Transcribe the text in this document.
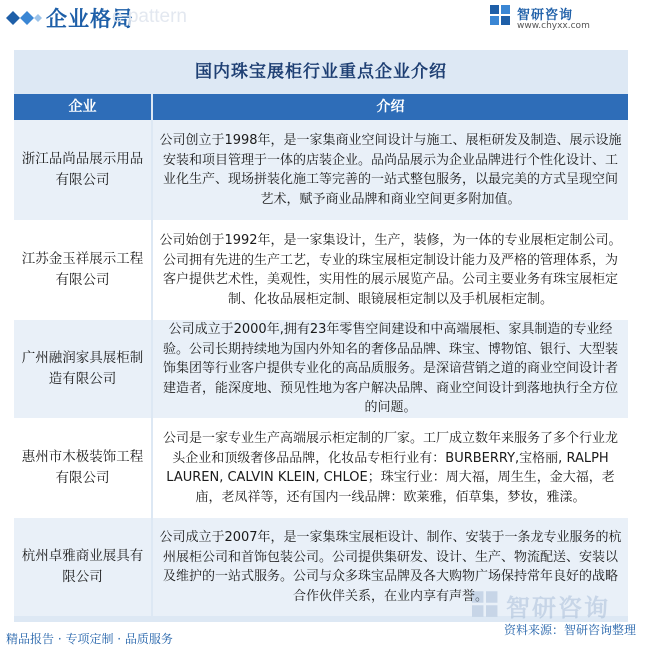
企业格局
e pattern	智研咨询
www.chyxx.com
国内珠宝展柜行业重点企业介绍
企业	介绍
浙江品尚品展示用品有限公司
公司创立于1998年，是一家集商业空间设计与施工、展柜研发及制造、展示设施安装和项目管理于一体的店装企业。品尚品展示为企业品牌进行个性化设计、工业化生产、现场拼装化施工等完善的一站式整包服务，以最完美的方式呈现空间艺术，赋予商业品牌和商业空间更多附加值。
江苏金玉祥展示工程有限公司
公司始创于1992年，是一家集设计，生产，装修，为一体的专业展柜定制公司。公司拥有先进的生产工艺，专业的珠宝展柜定制设计能力及严格的管理体系，为客户提供艺术性，美观性，实用性的展示展览产品。公司主要业务有珠宝展柜定制、化妆品展柜定制、眼镜展柜定制以及手机展柜定制。
广州融润家具展柜制造有限公司
公司成立于2000年,拥有23年零售空间建设和中高端展柜、家具制造的专业经验。公司长期持续地为国内外知名的奢侈品品牌、珠宝、博物馆、银行、大型装饰集团等行业客户提供专业化的高品质服务。是深谙营销之道的商业空间设计者建造者，能深度地、预见性地为客户解决品牌、商业空间设计到落地执行全方位的问题。
惠州市木极装饰工程有限公司
公司是一家专业生产高端展示柜定制的厂家。工厂成立数年来服务了多个行业龙头企业和顶级奢侈品品牌，化妆品专柜行业有：BURBERRY,宝格丽, RALPH LAUREN, CALVIN KLEIN, CHLOE；珠宝行业：周大福，周生生，金大福，老庙，老凤祥等，还有国内一线品牌：欧莱雅，佰草集，梦妆，雅漾。
杭州卓雅商业展具有限公司
公司成立于2007年，是一家集珠宝展柜设计、制作、安装于一条龙专业服务的杭州展柜公司和首饰包装公司。公司提供集研发、设计、生产、物流配送、安装以及维护的一站式服务。公司与众多珠宝品牌及各大购物广场保持常年良好的战略合作伙伴关系，在业内享有声誉。 智研咨询
资料来源：智研咨询整理
精品报告 · 专项定制 · 品质服务
